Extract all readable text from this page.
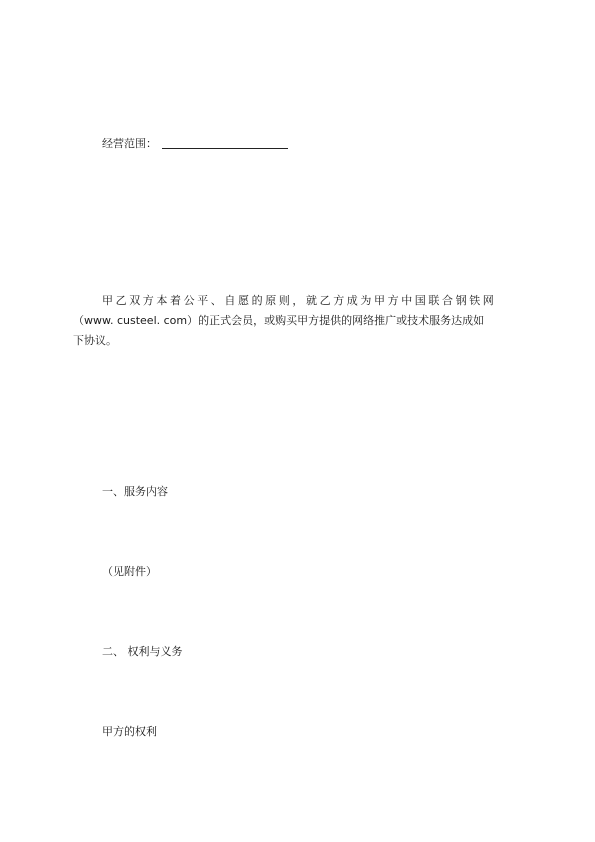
经营范围：
甲乙双方本着公平、自愿的原则，就乙方成为甲方中国联合钢铁网
（www. custeel. com）的正式会员，或购买甲方提供的网络推广或技术服务达成如
下协议。
一、服务内容
（见附件）
二、 权利与义务
甲方的权利
